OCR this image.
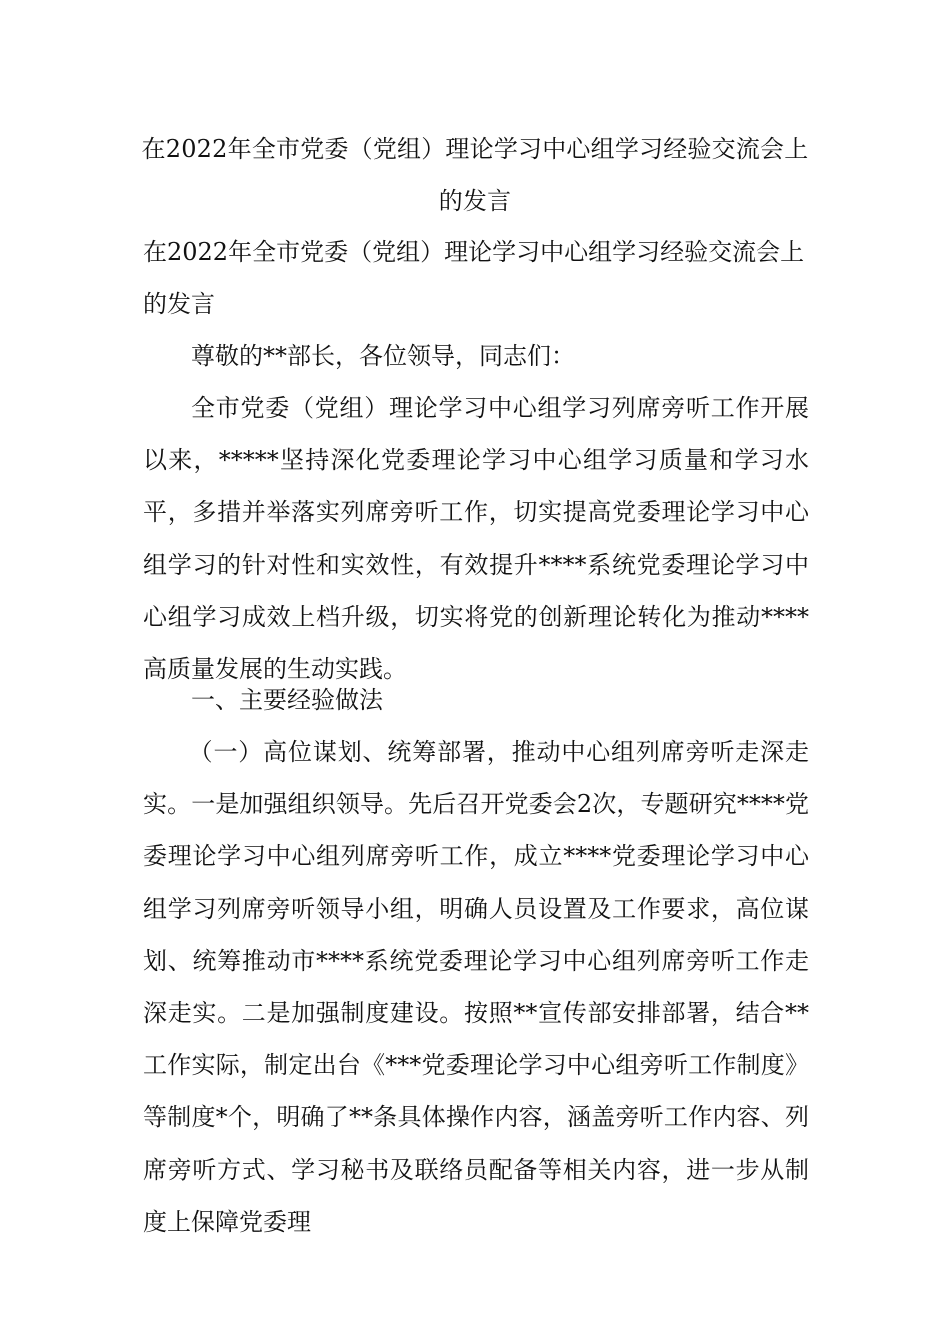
在2022年全市党委（党组）理论学习中心组学习经验交流会上的发言
在2022年全市党委（党组）理论学习中心组学习经验交流会上的发言
尊敬的**部长，各位领导，同志们：
全市党委（党组）理论学习中心组学习列席旁听工作开展以来，*****坚持深化党委理论学习中心组学习质量和学习水平，多措并举落实列席旁听工作，切实提高党委理论学习中心组学习的针对性和实效性，有效提升****系统党委理论学习中心组学习成效上档升级，切实将党的创新理论转化为推动****高质量发展的生动实践。
一、主要经验做法
（一）高位谋划、统筹部署，推动中心组列席旁听走深走实。一是加强组织领导。先后召开党委会2次，专题研究****党委理论学习中心组列席旁听工作，成立****党委理论学习中心组学习列席旁听领导小组，明确人员设置及工作要求，高位谋划、统筹推动市****系统党委理论学习中心组列席旁听工作走深走实。二是加强制度建设。按照**宣传部安排部署，结合**工作实际，制定出台《***党委理论学习中心组旁听工作制度》等制度*个，明确了**条具体操作内容，涵盖旁听工作内容、列席旁听方式、学习秘书及联络员配备等相关内容，进一步从制度上保障党委理
